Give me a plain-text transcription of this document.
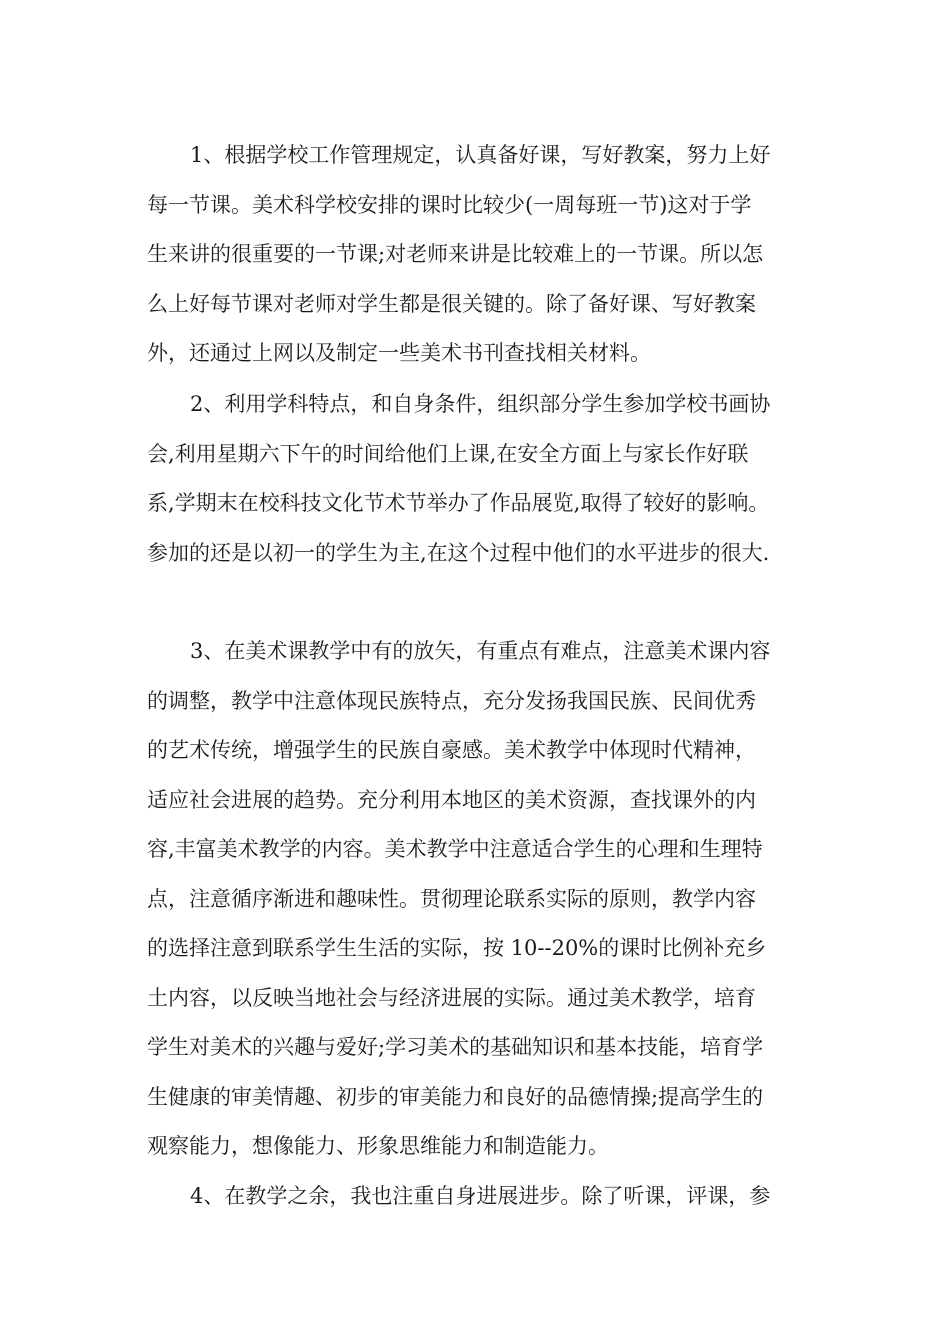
1、根据学校工作管理规定，认真备好课，写好教案，努力上好

每一节课。美术科学校安排的课时比较少(一周每班一节)这对于学

生来讲的很重要的一节课;对老师来讲是比较难上的一节课。所以怎

么上好每节课对老师对学生都是很关键的。除了备好课、写好教案

外，还通过上网以及制定一些美术书刊查找相关材料。

2、利用学科特点，和自身条件，组织部分学生参加学校书画协

会,利用星期六下午的时间给他们上课,在安全方面上与家长作好联

系,学期末在校科技文化节术节举办了作品展览,取得了较好的影响。

参加的还是以初一的学生为主,在这个过程中他们的水平进步的很大.

3、在美术课教学中有的放矢，有重点有难点，注意美术课内容

的调整，教学中注意体现民族特点，充分发扬我国民族、民间优秀

的艺术传统，增强学生的民族自豪感。美术教学中体现时代精神，

适应社会进展的趋势。充分利用本地区的美术资源，查找课外的内

容,丰富美术教学的内容。美术教学中注意适合学生的心理和生理特

点，注意循序渐进和趣味性。贯彻理论联系实际的原则，教学内容

的选择注意到联系学生生活的实际，按 10--20%的课时比例补充乡

土内容，以反映当地社会与经济进展的实际。通过美术教学，培育

学生对美术的兴趣与爱好;学习美术的基础知识和基本技能，培育学

生健康的审美情趣、初步的审美能力和良好的品德情操;提高学生的

观察能力，想像能力、形象思维能力和制造能力。

4、在教学之余，我也注重自身进展进步。除了听课，评课，参
